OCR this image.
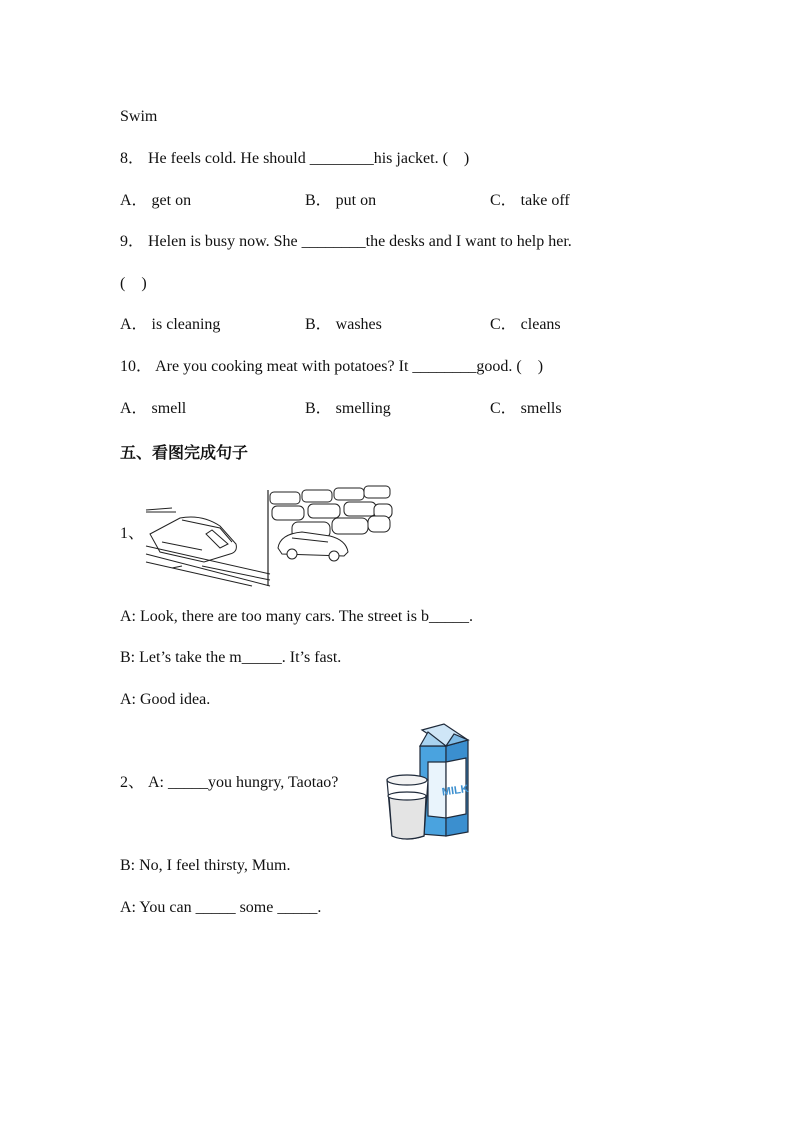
Swim
8． He feels cold. He should ________his jacket. (    )
A． get on	B． put on	C． take off
9． Helen is busy now. She ________the desks and I want to help her.
(    )
A． is cleaning	B． washes	C． cleans
10． Are you cooking meat with potatoes? It ________good. (    )
A． smell	B． smelling	C． smells
五、看图完成句子
1、
A: Look, there are too many cars. The street is b_____.
B: Let’s take the m_____. It’s fast.
A: Good idea.
2、 A: _____you hungry, Taotao?	MILK
B: No, I feel thirsty, Mum.
A: You can _____ some _____.
